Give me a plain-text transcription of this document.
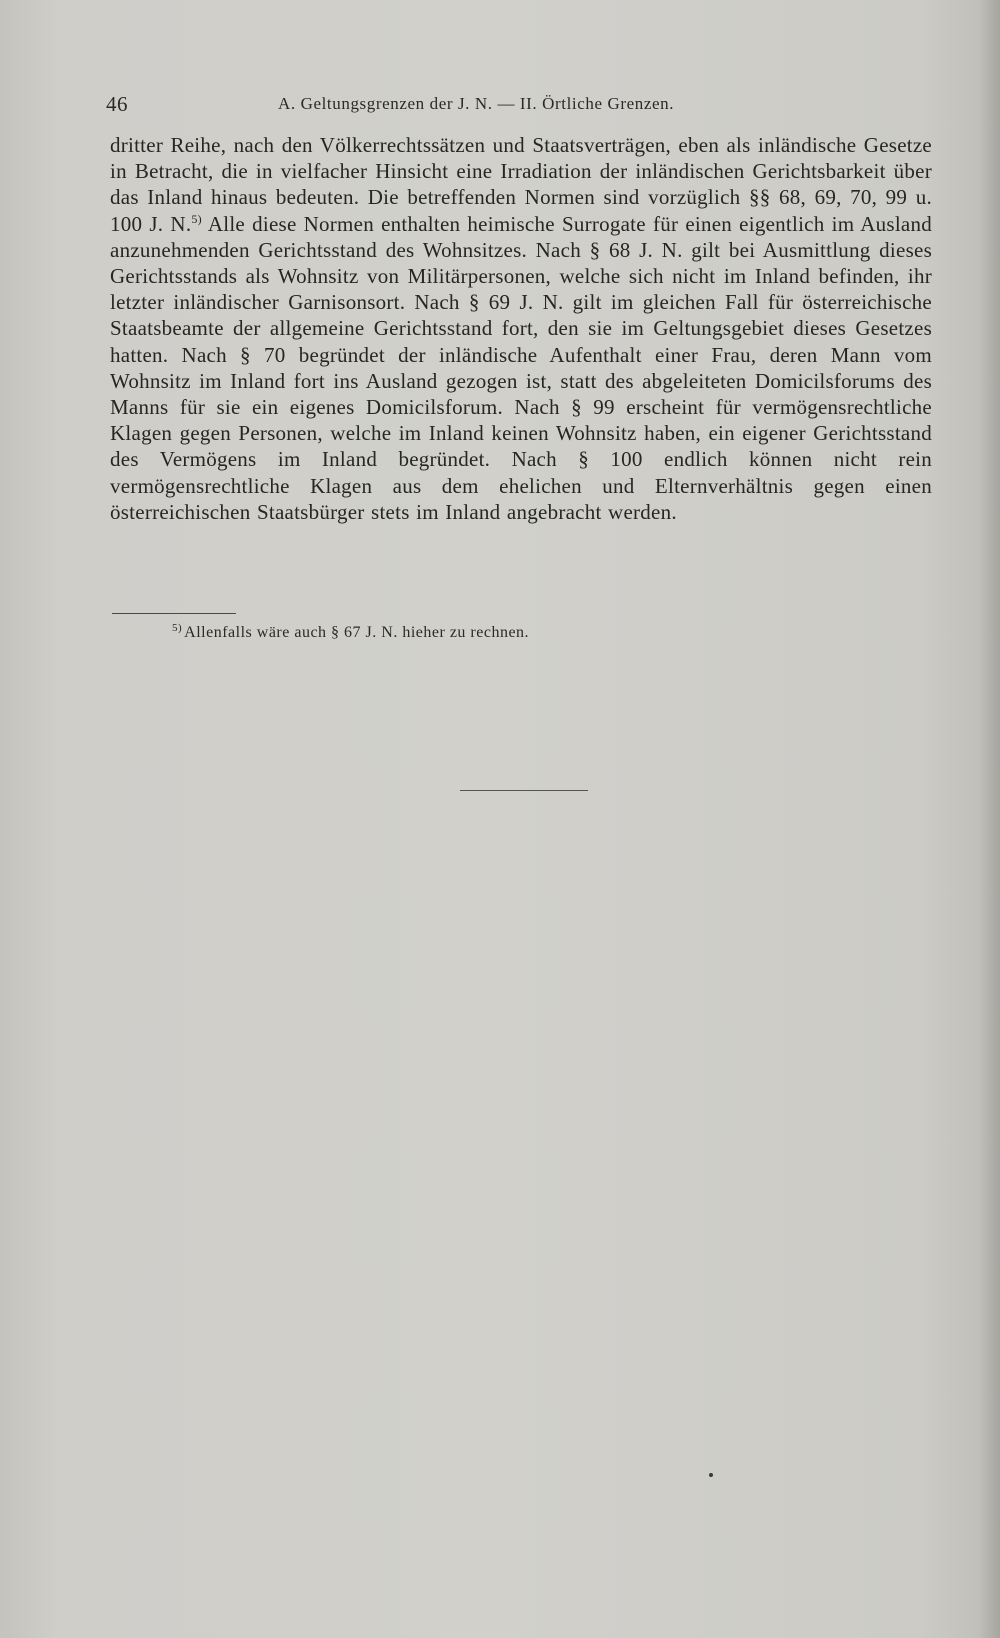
46	A. Geltungsgrenzen der J. N. — II. Örtliche Grenzen.
dritter Reihe, nach den Völkerrechtssätzen und Staatsverträgen, eben als inländische Gesetze in Betracht, die in vielfacher Hinsicht eine Irradiation der inländischen Gerichtsbarkeit über das Inland hinaus bedeuten. Die betreffenden Normen sind vorzüglich §§ 68, 69, 70, 99 u. 100 J. N.$^{5)}$ Alle diese Normen enthalten heimische Surrogate für einen eigentlich im Ausland anzunehmenden Gerichtsstand des Wohnsitzes. Nach § 68 J. N. gilt bei Ausmittlung dieses Gerichtsstands als Wohnsitz von Militärpersonen, welche sich nicht im Inland befinden, ihr letzter inländischer Garnisonsort. Nach § 69 J. N. gilt im gleichen Fall für österreichische Staatsbeamte der allgemeine Gerichtsstand fort, den sie im Geltungsgebiet dieses Gesetzes hatten. Nach § 70 begründet der inländische Aufenthalt einer Frau, deren Mann vom Wohnsitz im Inland fort ins Ausland gezogen ist, statt des abgeleiteten Domicilsforums des Manns für sie ein eigenes Domicilsforum. Nach § 99 erscheint für vermögensrechtliche Klagen gegen Personen, welche im Inland keinen Wohnsitz haben, ein eigener Gerichtsstand des Vermögens im Inland begründet. Nach § 100 endlich können nicht rein vermögensrechtliche Klagen aus dem ehelichen und Elternverhältnis gegen einen österreichischen Staatsbürger stets im Inland angebracht werden.
$^{5)}$ Allenfalls wäre auch § 67 J. N. hieher zu rechnen.
